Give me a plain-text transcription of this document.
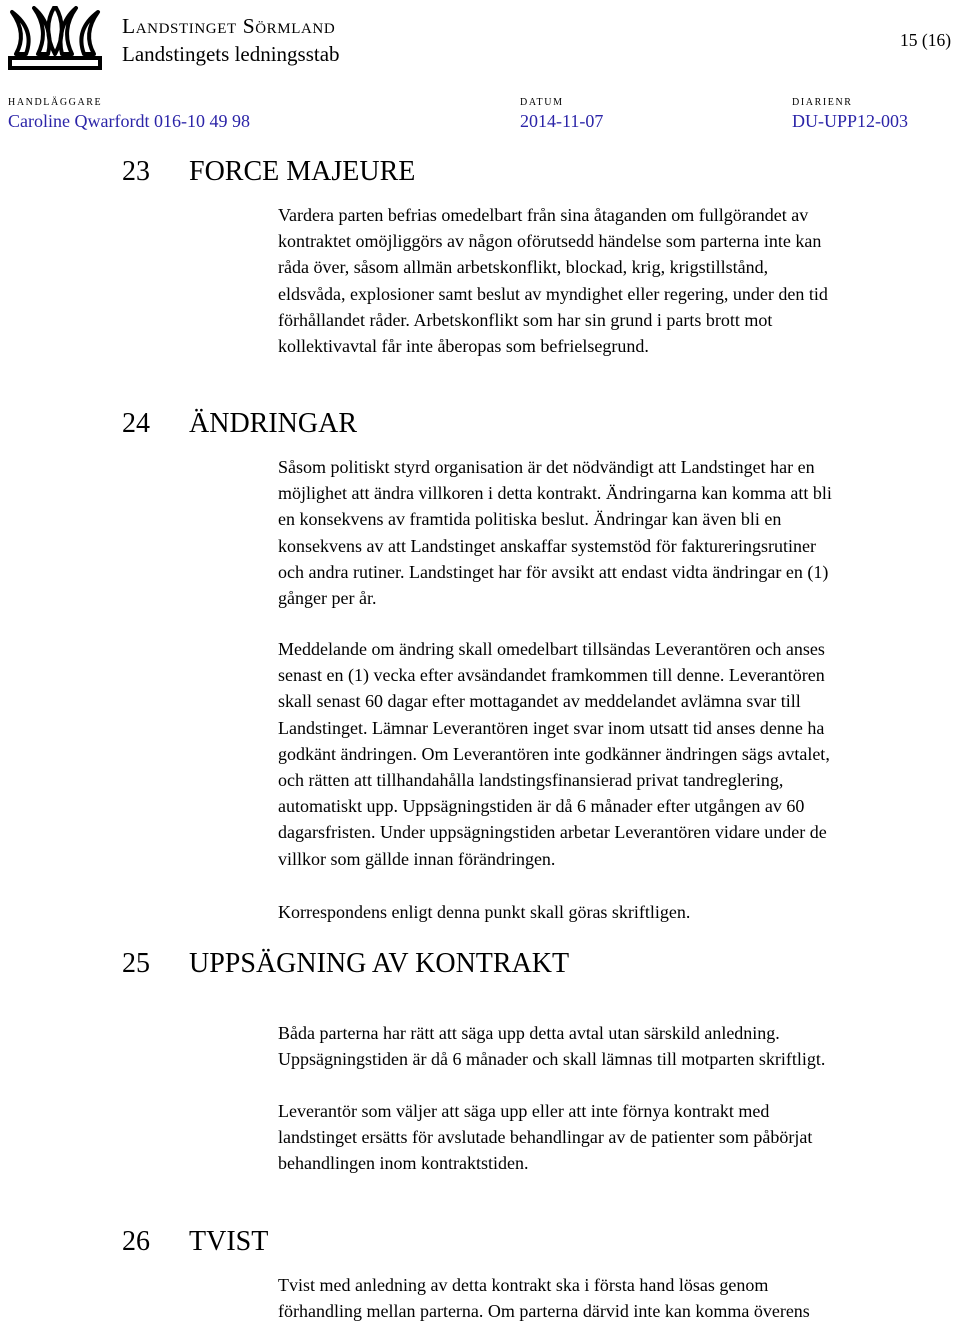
Landstinget Sörmland
Landstingets ledningsstab
15 (16)
HANDLÄGGARE
Caroline Qwarfordt 016-10 49 98
DATUM
2014-11-07
DIARIENR
DU-UPP12-003
23 FORCE MAJEURE

Vardera parten befrias omedelbart från sina åtaganden om fullgörandet av
kontraktet omöjliggörs av någon oförutsedd händelse som parterna inte kan
råda över, såsom allmän arbetskonflikt, blockad, krig, krigstillstånd,
eldsvåda, explosioner samt beslut av myndighet eller regering, under den tid
förhållandet råder. Arbetskonflikt som har sin grund i parts brott mot
kollektivavtal får inte åberopas som befrielsegrund.

24 ÄNDRINGAR

Såsom politiskt styrd organisation är det nödvändigt att Landstinget har en
möjlighet att ändra villkoren i detta kontrakt. Ändringarna kan komma att bli
en konsekvens av framtida politiska beslut. Ändringar kan även bli en
konsekvens av att Landstinget anskaffar systemstöd för faktureringsrutiner
och andra rutiner. Landstinget har för avsikt att endast vidta ändringar en (1)
gånger per år.

Meddelande om ändring skall omedelbart tillsändas Leverantören och anses
senast en (1) vecka efter avsändandet framkommen till denne. Leverantören
skall senast 60 dagar efter mottagandet av meddelandet avlämna svar till
Landstinget. Lämnar Leverantören inget svar inom utsatt tid anses denne ha
godkänt ändringen. Om Leverantören inte godkänner ändringen sägs avtalet,
och rätten att tillhandahålla landstingsfinansierad privat tandreglering,
automatiskt upp. Uppsägningstiden är då 6 månader efter utgången av 60
dagarsfristen. Under uppsägningstiden arbetar Leverantören vidare under de
villkor som gällde innan förändringen.

Korrespondens enligt denna punkt skall göras skriftligen.

25 UPPSÄGNING AV KONTRAKT

Båda parterna har rätt att säga upp detta avtal utan särskild anledning.
Uppsägningstiden är då 6 månader och skall lämnas till motparten skriftligt.

Leverantör som väljer att säga upp eller att inte förnya kontrakt med
landstinget ersätts för avslutade behandlingar av de patienter som påbörjat
behandlingen inom kontraktstiden.

26 TVIST

Tvist med anledning av detta kontrakt ska i första hand lösas genom
förhandling mellan parterna. Om parterna därvid inte kan komma överens
